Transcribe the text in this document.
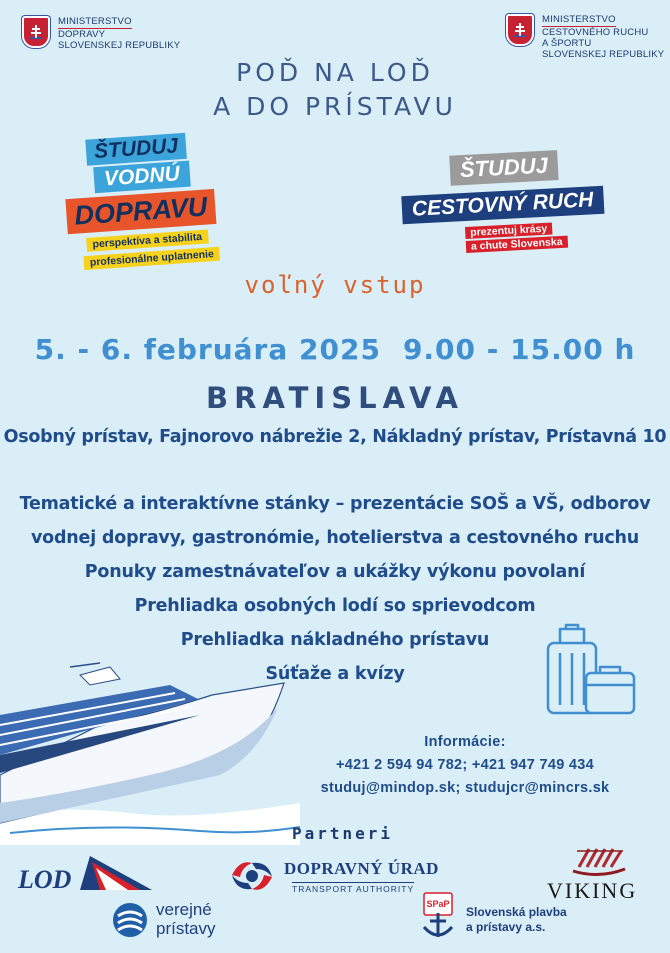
MINISTERSTVO
DOPRAVY
SLOVENSKEJ REPUBLIKY
MINISTERSTVO
CESTOVNÉHO RUCHU
A ŠPORTU
SLOVENSKEJ REPUBLIKY
POĎ NA LOĎ
A DO PRÍSTAVU
ŠTUDUJ
VODNÚ
DOPRAVU
perspektíva a stabilita
profesionálne uplatnenie
ŠTUDUJ
CESTOVNÝ RUCH
prezentuj krásy
a chute Slovenska
voľný vstup
5. - 6. februára 2025 9.00 - 15.00 h
BRATISLAVA
Osobný prístav, Fajnorovo nábrežie 2, Nákladný prístav, Prístavná 10
Tematické a interaktívne stánky – prezentácie SOŠ a VŠ, odborov
vodnej dopravy, gastronómie, hotelierstva a cestovného ruchu
Ponuky zamestnávateľov a ukážky výkonu povolaní
Prehliadka osobných lodí so sprievodcom
Prehliadka nákladného prístavu
Súťaže a kvízy
Informácie:
+421 2 594 94 782; +421 947 749 434
studuj@mindop.sk; studujcr@mincrs.sk
Partneri
LOD	DOPRAVNÝ ÚRAD
TRANSPORT AUTHORITY	VIKING
verejné
prístavy
SPaP
Slovenská plavba
a prístavy a.s.
